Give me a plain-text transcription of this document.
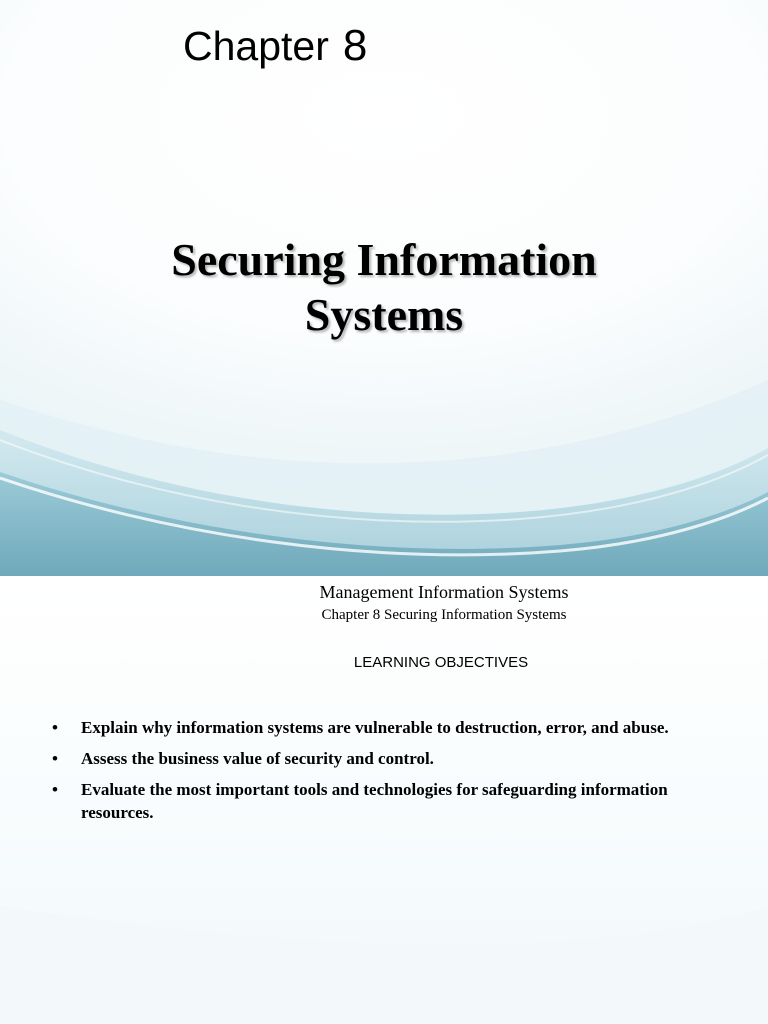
Chapter 8
Securing Information
Systems

Management Information Systems

Chapter 8 Securing Information Systems

LEARNING OBJECTIVES

• Explain why information systems are vulnerable to destruction, error, and abuse.
• Assess the business value of security and control.
• Evaluate the most important tools and technologies for safeguarding information resources.
